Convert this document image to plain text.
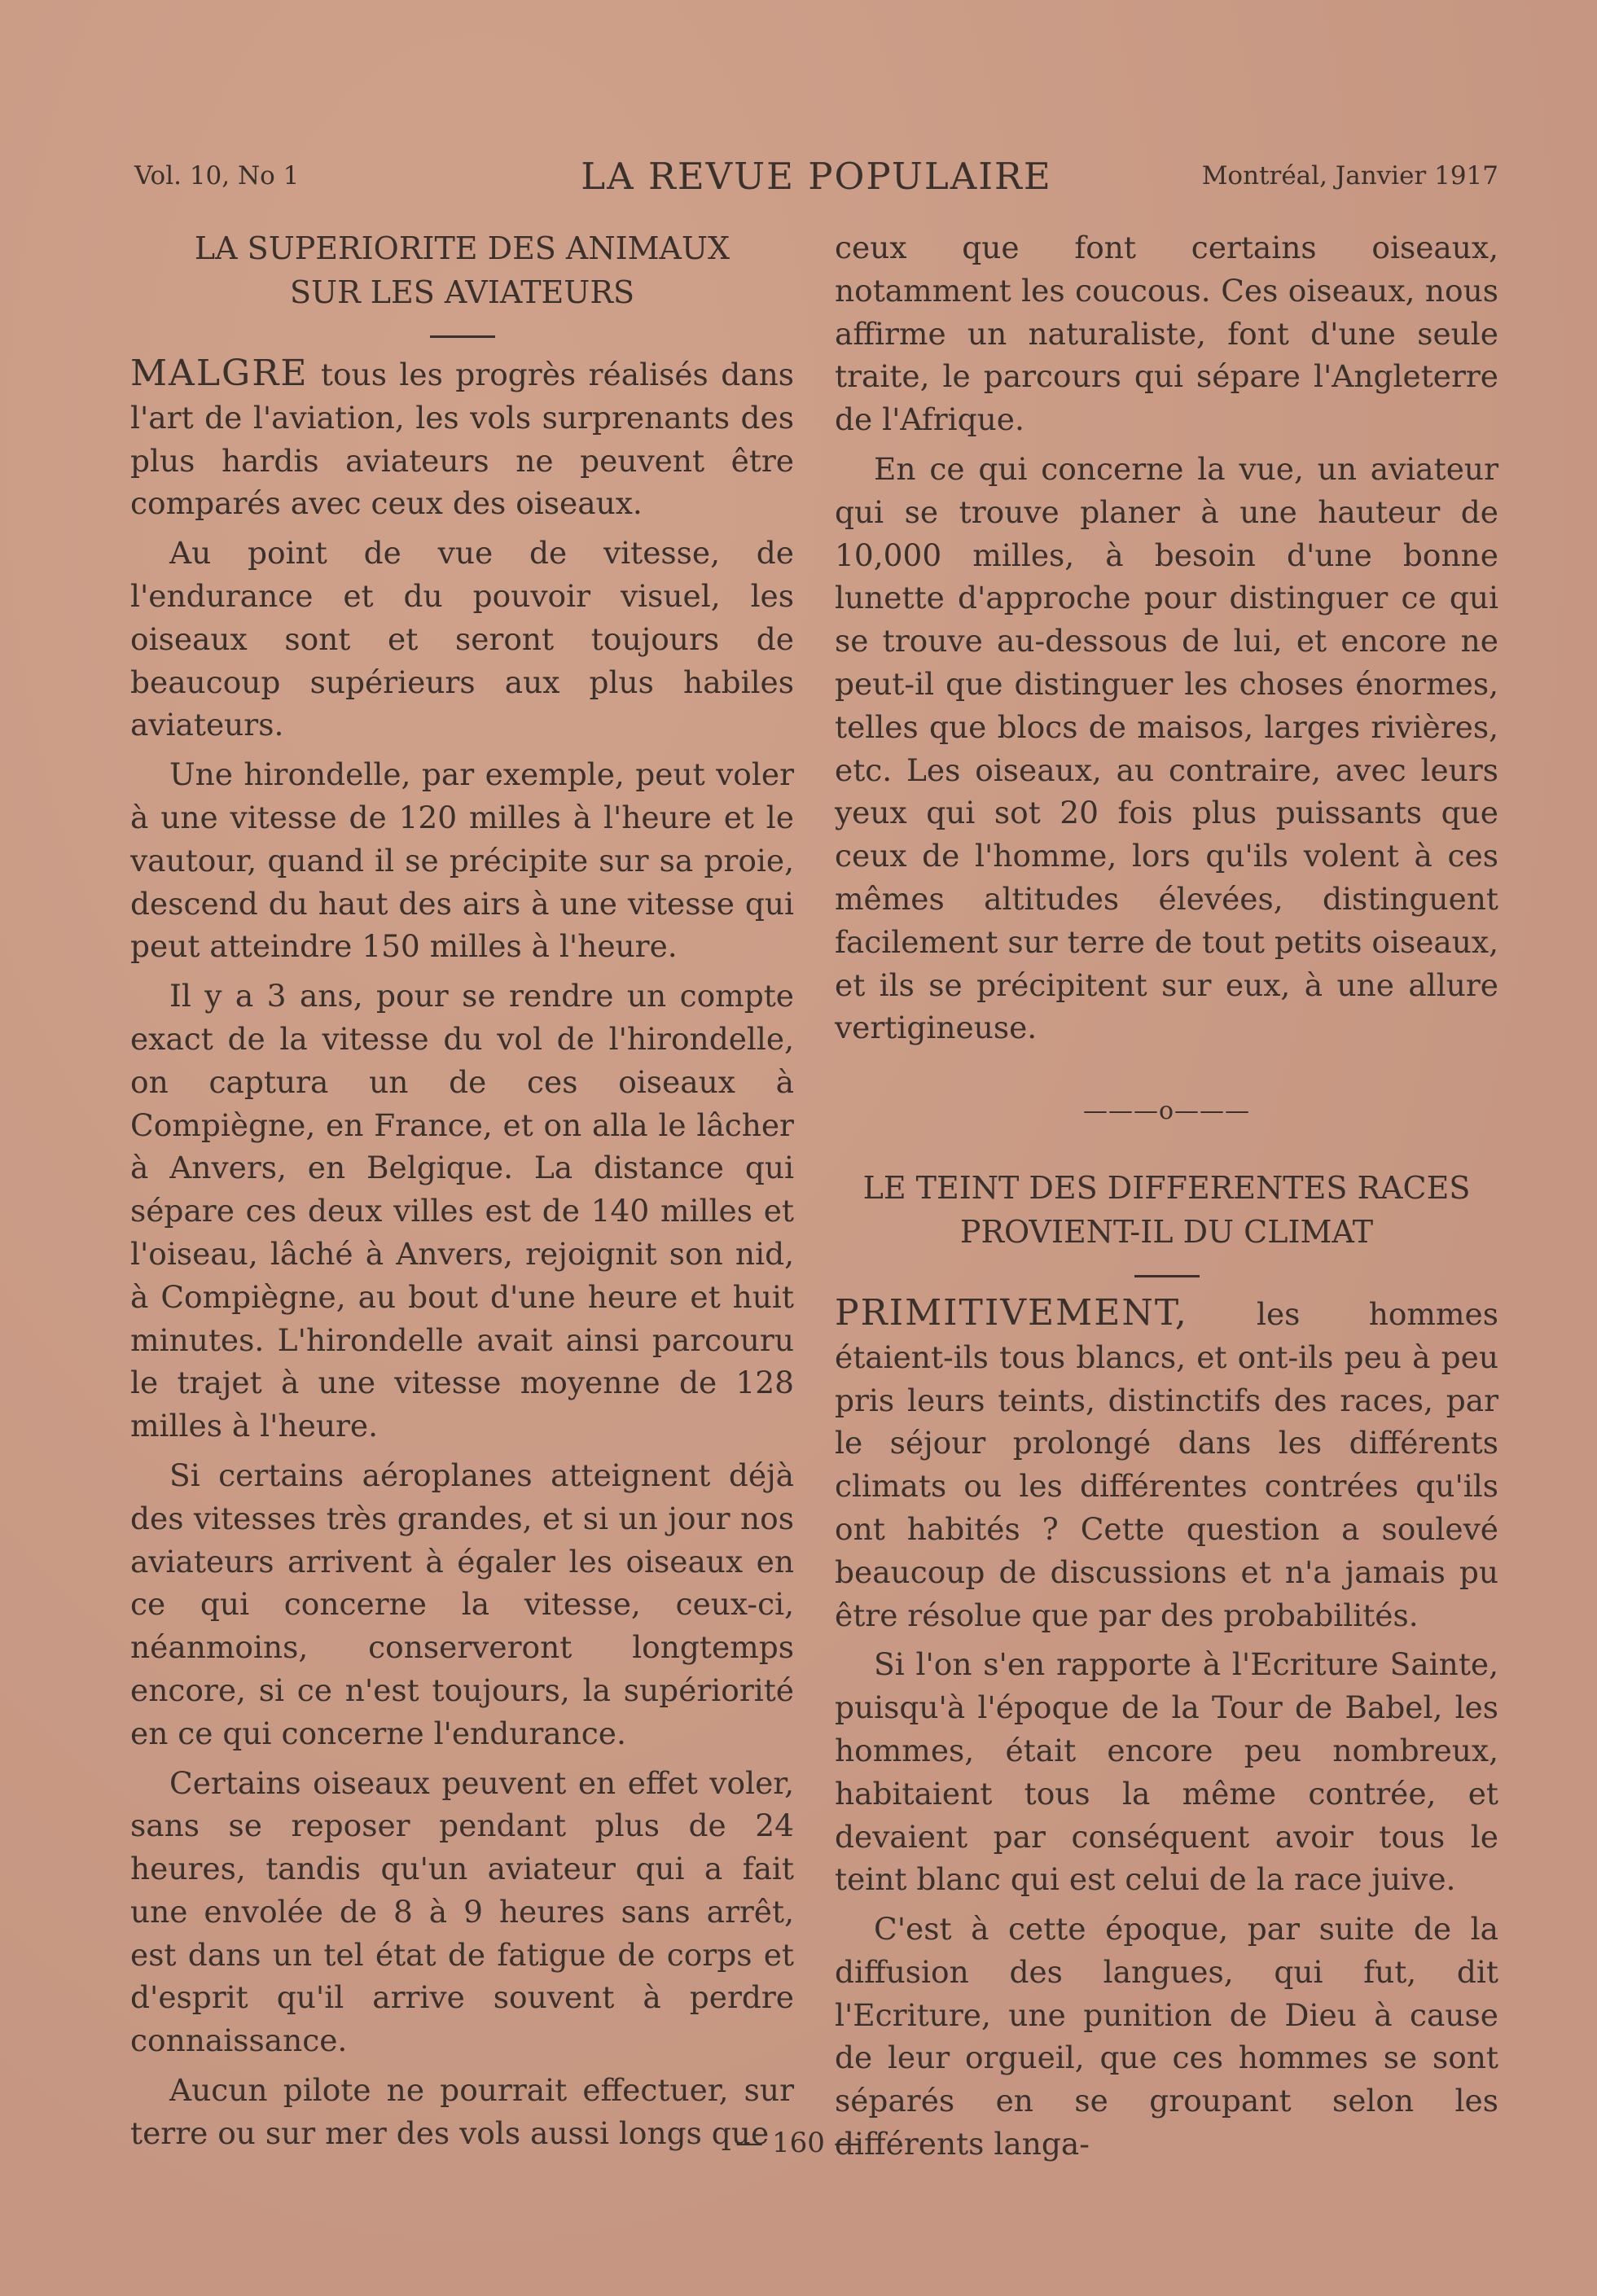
Vol. 10, No 1	LA REVUE POPULAIRE	Montréal, Janvier 1917
LA SUPERIORITE DES ANIMAUX
SUR LES AVIATEURS

MALGRE tous les progrès réalisés dans l'art de l'aviation, les vols surprenants des plus hardis aviateurs ne peuvent être comparés avec ceux des oiseaux.

Au point de vue de vitesse, de l'endurance et du pouvoir visuel, les oiseaux sont et seront toujours de beaucoup supérieurs aux plus habiles aviateurs.

Une hirondelle, par exemple, peut voler à une vitesse de 120 milles à l'heure et le vautour, quand il se précipite sur sa proie, descend du haut des airs à une vitesse qui peut atteindre 150 milles à l'heure.

Il y a 3 ans, pour se rendre un compte exact de la vitesse du vol de l'hirondelle, on captura un de ces oiseaux à Compiègne, en France, et on alla le lâcher à Anvers, en Belgique. La distance qui sépare ces deux villes est de 140 milles et l'oiseau, lâché à Anvers, rejoignit son nid, à Compiègne, au bout d'une heure et huit minutes. L'hirondelle avait ainsi parcouru le trajet à une vitesse moyenne de 128 milles à l'heure.

Si certains aéroplanes atteignent déjà des vitesses très grandes, et si un jour nos aviateurs arrivent à égaler les oiseaux en ce qui concerne la vitesse, ceux-ci, néanmoins, conserveront longtemps encore, si ce n'est toujours, la supériorité en ce qui concerne l'endurance.

Certains oiseaux peuvent en effet voler, sans se reposer pendant plus de 24 heures, tandis qu'un aviateur qui a fait une envolée de 8 à 9 heures sans arrêt, est dans un tel état de fatigue de corps et d'esprit qu'il arrive souvent à perdre connaissance.

Aucun pilote ne pourrait effectuer, sur terre ou sur mer des vols aussi longs que

ceux que font certains oiseaux, notamment les coucous. Ces oiseaux, nous affirme un naturaliste, font d'une seule traite, le parcours qui sépare l'Angleterre de l'Afrique.

En ce qui concerne la vue, un aviateur qui se trouve planer à une hauteur de 10,000 milles, à besoin d'une bonne lunette d'approche pour distinguer ce qui se trouve au-dessous de lui, et encore ne peut-il que distinguer les choses énormes, telles que blocs de maisos, larges rivières, etc. Les oiseaux, au contraire, avec leurs yeux qui sot 20 fois plus puissants que ceux de l'homme, lors qu'ils volent à ces mêmes altitudes élevées, distinguent facilement sur terre de tout petits oiseaux, et ils se précipitent sur eux, à une allure vertigineuse.

———o———
LE TEINT DES DIFFERENTES RACES
PROVIENT-IL DU CLIMAT

PRIMITIVEMENT, les hommes étaient-ils tous blancs, et ont-ils peu à peu pris leurs teints, distinctifs des races, par le séjour prolongé dans les différents climats ou les différentes contrées qu'ils ont habités ? Cette question a soulevé beaucoup de discussions et n'a jamais pu être résolue que par des probabilités.

Si l'on s'en rapporte à l'Ecriture Sainte, puisqu'à l'époque de la Tour de Babel, les hommes, était encore peu nombreux, habitaient tous la même contrée, et devaient par conséquent avoir tous le teint blanc qui est celui de la race juive.

C'est à cette époque, par suite de la diffusion des langues, qui fut, dit l'Ecriture, une punition de Dieu à cause de leur orgueil, que ces hommes se sont séparés en se groupant selon les différents langa-

— 160 —
